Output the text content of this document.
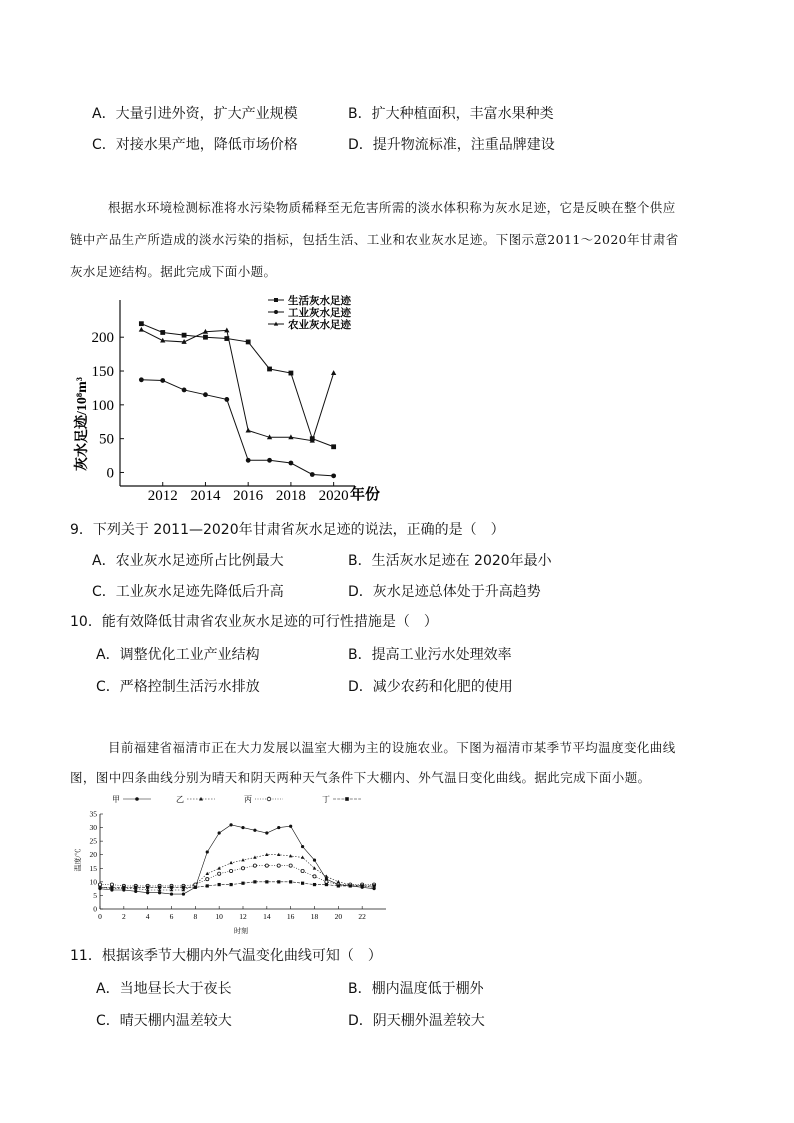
A．大量引进外资，扩大产业规模	B．扩大种植面积，丰富水果种类
C．对接水果产地，降低市场价格	D．提升物流标准，注重品牌建设
根据水环境检测标准将水污染物质稀释至无危害所需的淡水体积称为灰水足迹，它是反映在整个供应
链中产品生产所造成的淡水污染的指标，包括生活、工业和农业灰水足迹。下图示意2011～2020年甘肃省
灰水足迹结构。据此完成下面小题。
0
50
100
150
200
2012 2014 2016 2018 2020
生活灰水足迹
工业灰水足迹
农业灰水足迹
灰水足迹/10⁸m³
年份
9．下列关于 2011—2020年甘肃省灰水足迹的说法，正确的是（　）
A．农业灰水足迹所占比例最大	B．生活灰水足迹在 2020年最小
C．工业灰水足迹先降低后升高	D．灰水足迹总体处于升高趋势
10．能有效降低甘肃省农业灰水足迹的可行性措施是（　）
A．调整优化工业产业结构	B．提高工业污水处理效率
C．严格控制生活污水排放	D．减少农药和化肥的使用
目前福建省福清市正在大力发展以温室大棚为主的设施农业。下图为福清市某季节平均温度变化曲线
图，图中四条曲线分别为晴天和阴天两种天气条件下大棚内、外气温日变化曲线。据此完成下面小题。
0
5
10
15
20
25
30
35
0	2	4	6	8 10 12 14 16 18 20 22
甲	乙	丙	丁
温度/℃
时刻
11．根据该季节大棚内外气温变化曲线可知（　）
A．当地昼长大于夜长	B．棚内温度低于棚外
C．晴天棚内温差较大	D．阴天棚外温差较大
